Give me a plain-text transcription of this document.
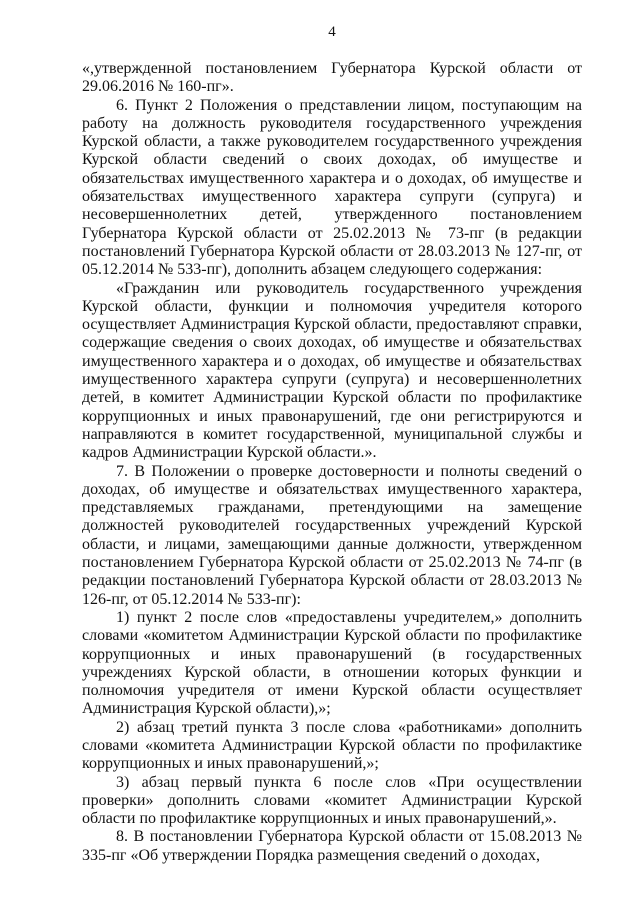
4

«,утвержденной постановлением Губернатора Курской области от 29.06.2016 № 160-пг».

6. Пункт 2 Положения о представлении лицом, поступающим на работу на должность руководителя государственного учреждения Курской области, а также руководителем государственного учреждения Курской области сведений о своих доходах, об имуществе и обязательствах имущественного характера и о доходах, об имуществе и обязательствах имущественного характера супруги (супруга) и несовершеннолетних детей, утвержденного постановлением Губернатора Курской области от 25.02.2013 № 73-пг (в редакции постановлений Губернатора Курской области от 28.03.2013 № 127-пг, от 05.12.2014 № 533-пг), дополнить абзацем следующего содержания:

«Гражданин или руководитель государственного учреждения Курской области, функции и полномочия учредителя которого осуществляет Администрация Курской области, предоставляют справки, содержащие сведения о своих доходах, об имуществе и обязательствах имущественного характера и о доходах, об имуществе и обязательствах имущественного характера супруги (супруга) и несовершеннолетних детей, в комитет Администрации Курской области по профилактике коррупционных и иных правонарушений, где они регистрируются и направляются в комитет государственной, муниципальной службы и кадров Администрации Курской области.».

7. В Положении о проверке достоверности и полноты сведений о доходах, об имуществе и обязательствах имущественного характера, представляемых гражданами, претендующими на замещение должностей руководителей государственных учреждений Курской области, и лицами, замещающими данные должности, утвержденном постановлением Губернатора Курской области от 25.02.2013 № 74-пг (в редакции постановлений Губернатора Курской области от 28.03.2013 № 126-пг, от 05.12.2014 № 533-пг):

1) пункт 2 после слов «предоставлены учредителем,» дополнить словами «комитетом Администрации Курской области по профилактике коррупционных и иных правонарушений (в государственных учреждениях Курской области, в отношении которых функции и полномочия учредителя от имени Курской области осуществляет Администрация Курской области),»;

2) абзац третий пункта 3 после слова «работниками» дополнить словами «комитета Администрации Курской области по профилактике коррупционных и иных правонарушений,»;

3) абзац первый пункта 6 после слов «При осуществлении проверки» дополнить словами «комитет Администрации Курской области по профилактике коррупционных и иных правонарушений,».

8. В постановлении Губернатора Курской области от 15.08.2013 № 335-пг «Об утверждении Порядка размещения сведений о доходах,
